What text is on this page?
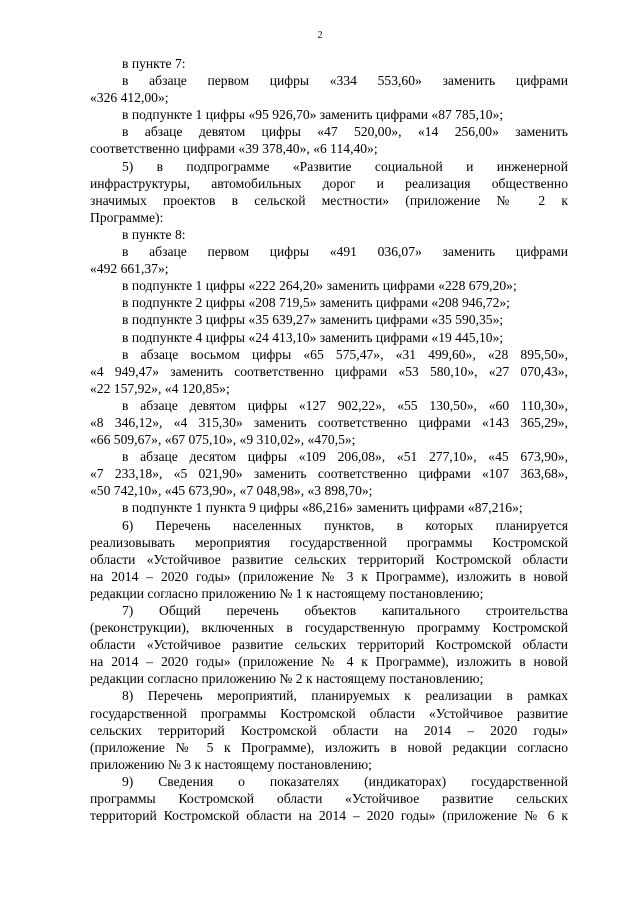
2
в пункте 7:
в абзаце первом цифры «334 553,60» заменить цифрами
«326 412,00»;
в подпункте 1 цифры «95 926,70» заменить цифрами «87 785,10»;
в абзаце девятом цифры «47 520,00», «14 256,00» заменить
соответственно цифрами «39 378,40», «6 114,40»;
5) в подпрограмме «Развитие социальной и инженерной
инфраструктуры, автомобильных дорог и реализация общественно
значимых проектов в сельской местности» (приложение № 2 к
Программе):
в пункте 8:
в абзаце первом цифры «491 036,07» заменить цифрами
«492 661,37»;
в подпункте 1 цифры «222 264,20» заменить цифрами «228 679,20»;
в подпункте 2 цифры «208 719,5» заменить цифрами «208 946,72»;
в подпункте 3 цифры «35 639,27» заменить цифрами «35 590,35»;
в подпункте 4 цифры «24 413,10» заменить цифрами «19 445,10»;
в абзаце восьмом цифры «65 575,47», «31 499,60», «28 895,50»,
«4 949,47» заменить соответственно цифрами «53 580,10», «27 070,43»,
«22 157,92», «4 120,85»;
в абзаце девятом цифры «127 902,22», «55 130,50», «60 110,30»,
«8 346,12», «4 315,30» заменить соответственно цифрами «143 365,29»,
«66 509,67», «67 075,10», «9 310,02», «470,5»;
в абзаце десятом цифры «109 206,08», «51 277,10», «45 673,90»,
«7 233,18», «5 021,90» заменить соответственно цифрами «107 363,68»,
«50 742,10», «45 673,90», «7 048,98», «3 898,70»;
в подпункте 1 пункта 9 цифры «86,216» заменить цифрами «87,216»;
6) Перечень населенных пунктов, в которых планируется
реализовывать мероприятия государственной программы Костромской
области «Устойчивое развитие сельских территорий Костромской области
на 2014 – 2020 годы» (приложение № 3 к Программе), изложить в новой
редакции согласно приложению № 1 к настоящему постановлению;
7) Общий перечень объектов капитального строительства
(реконструкции), включенных в государственную программу Костромской
области «Устойчивое развитие сельских территорий Костромской области
на 2014 – 2020 годы» (приложение № 4 к Программе), изложить в новой
редакции согласно приложению № 2 к настоящему постановлению;
8) Перечень мероприятий, планируемых к реализации в рамках
государственной программы Костромской области «Устойчивое развитие
сельских территорий Костромской области на 2014 – 2020 годы»
(приложение № 5 к Программе), изложить в новой редакции согласно
приложению № 3 к настоящему постановлению;
9) Сведения о показателях (индикаторах) государственной
программы Костромской области «Устойчивое развитие сельских
территорий Костромской области на 2014 – 2020 годы» (приложение № 6 к
